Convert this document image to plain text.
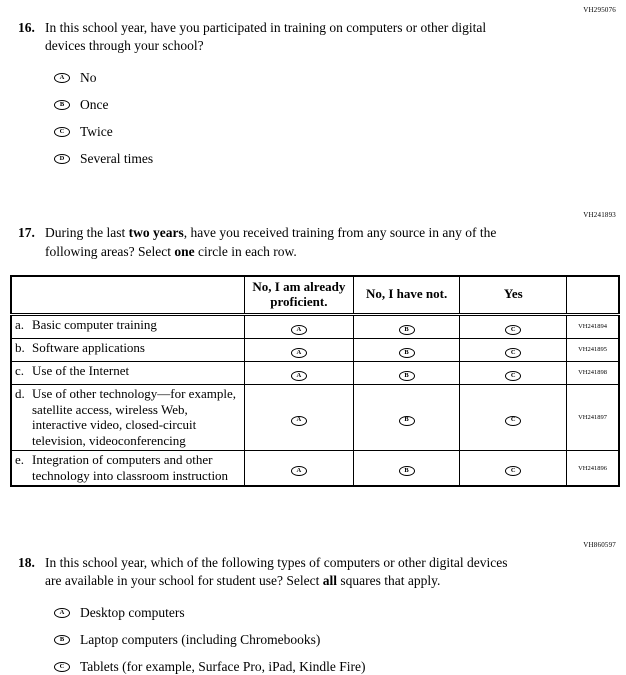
VH295076
16. In this school year, have you participated in training on computers or other digital devices through your school?

A	No
B	Once
C	Twice
D	Several times
VH241893
17. During the last two years, have you received training from any source in any of the following areas? Select one circle in each row.

	No, I am already proficient.	No, I have not.	Yes	

a. Basic computer training	A	B	C	VH241894

b. Software applications	A	B	C	VH241895

c. Use of the Internet	A	B	C	VH241898

d. Use of other technology—for example, satellite access, wireless Web, interactive video, closed-circuit television, videoconferencing	A	B	C	VH241897

e. Integration of computers and other technology into classroom instruction	A	B	C	VH241896
VH860597
18. In this school year, which of the following types of computers or other digital devices are available in your school for student use? Select all squares that apply.

A	Desktop computers
B	Laptop computers (including Chromebooks)
C	Tablets (for example, Surface Pro, iPad, Kindle Fire)
